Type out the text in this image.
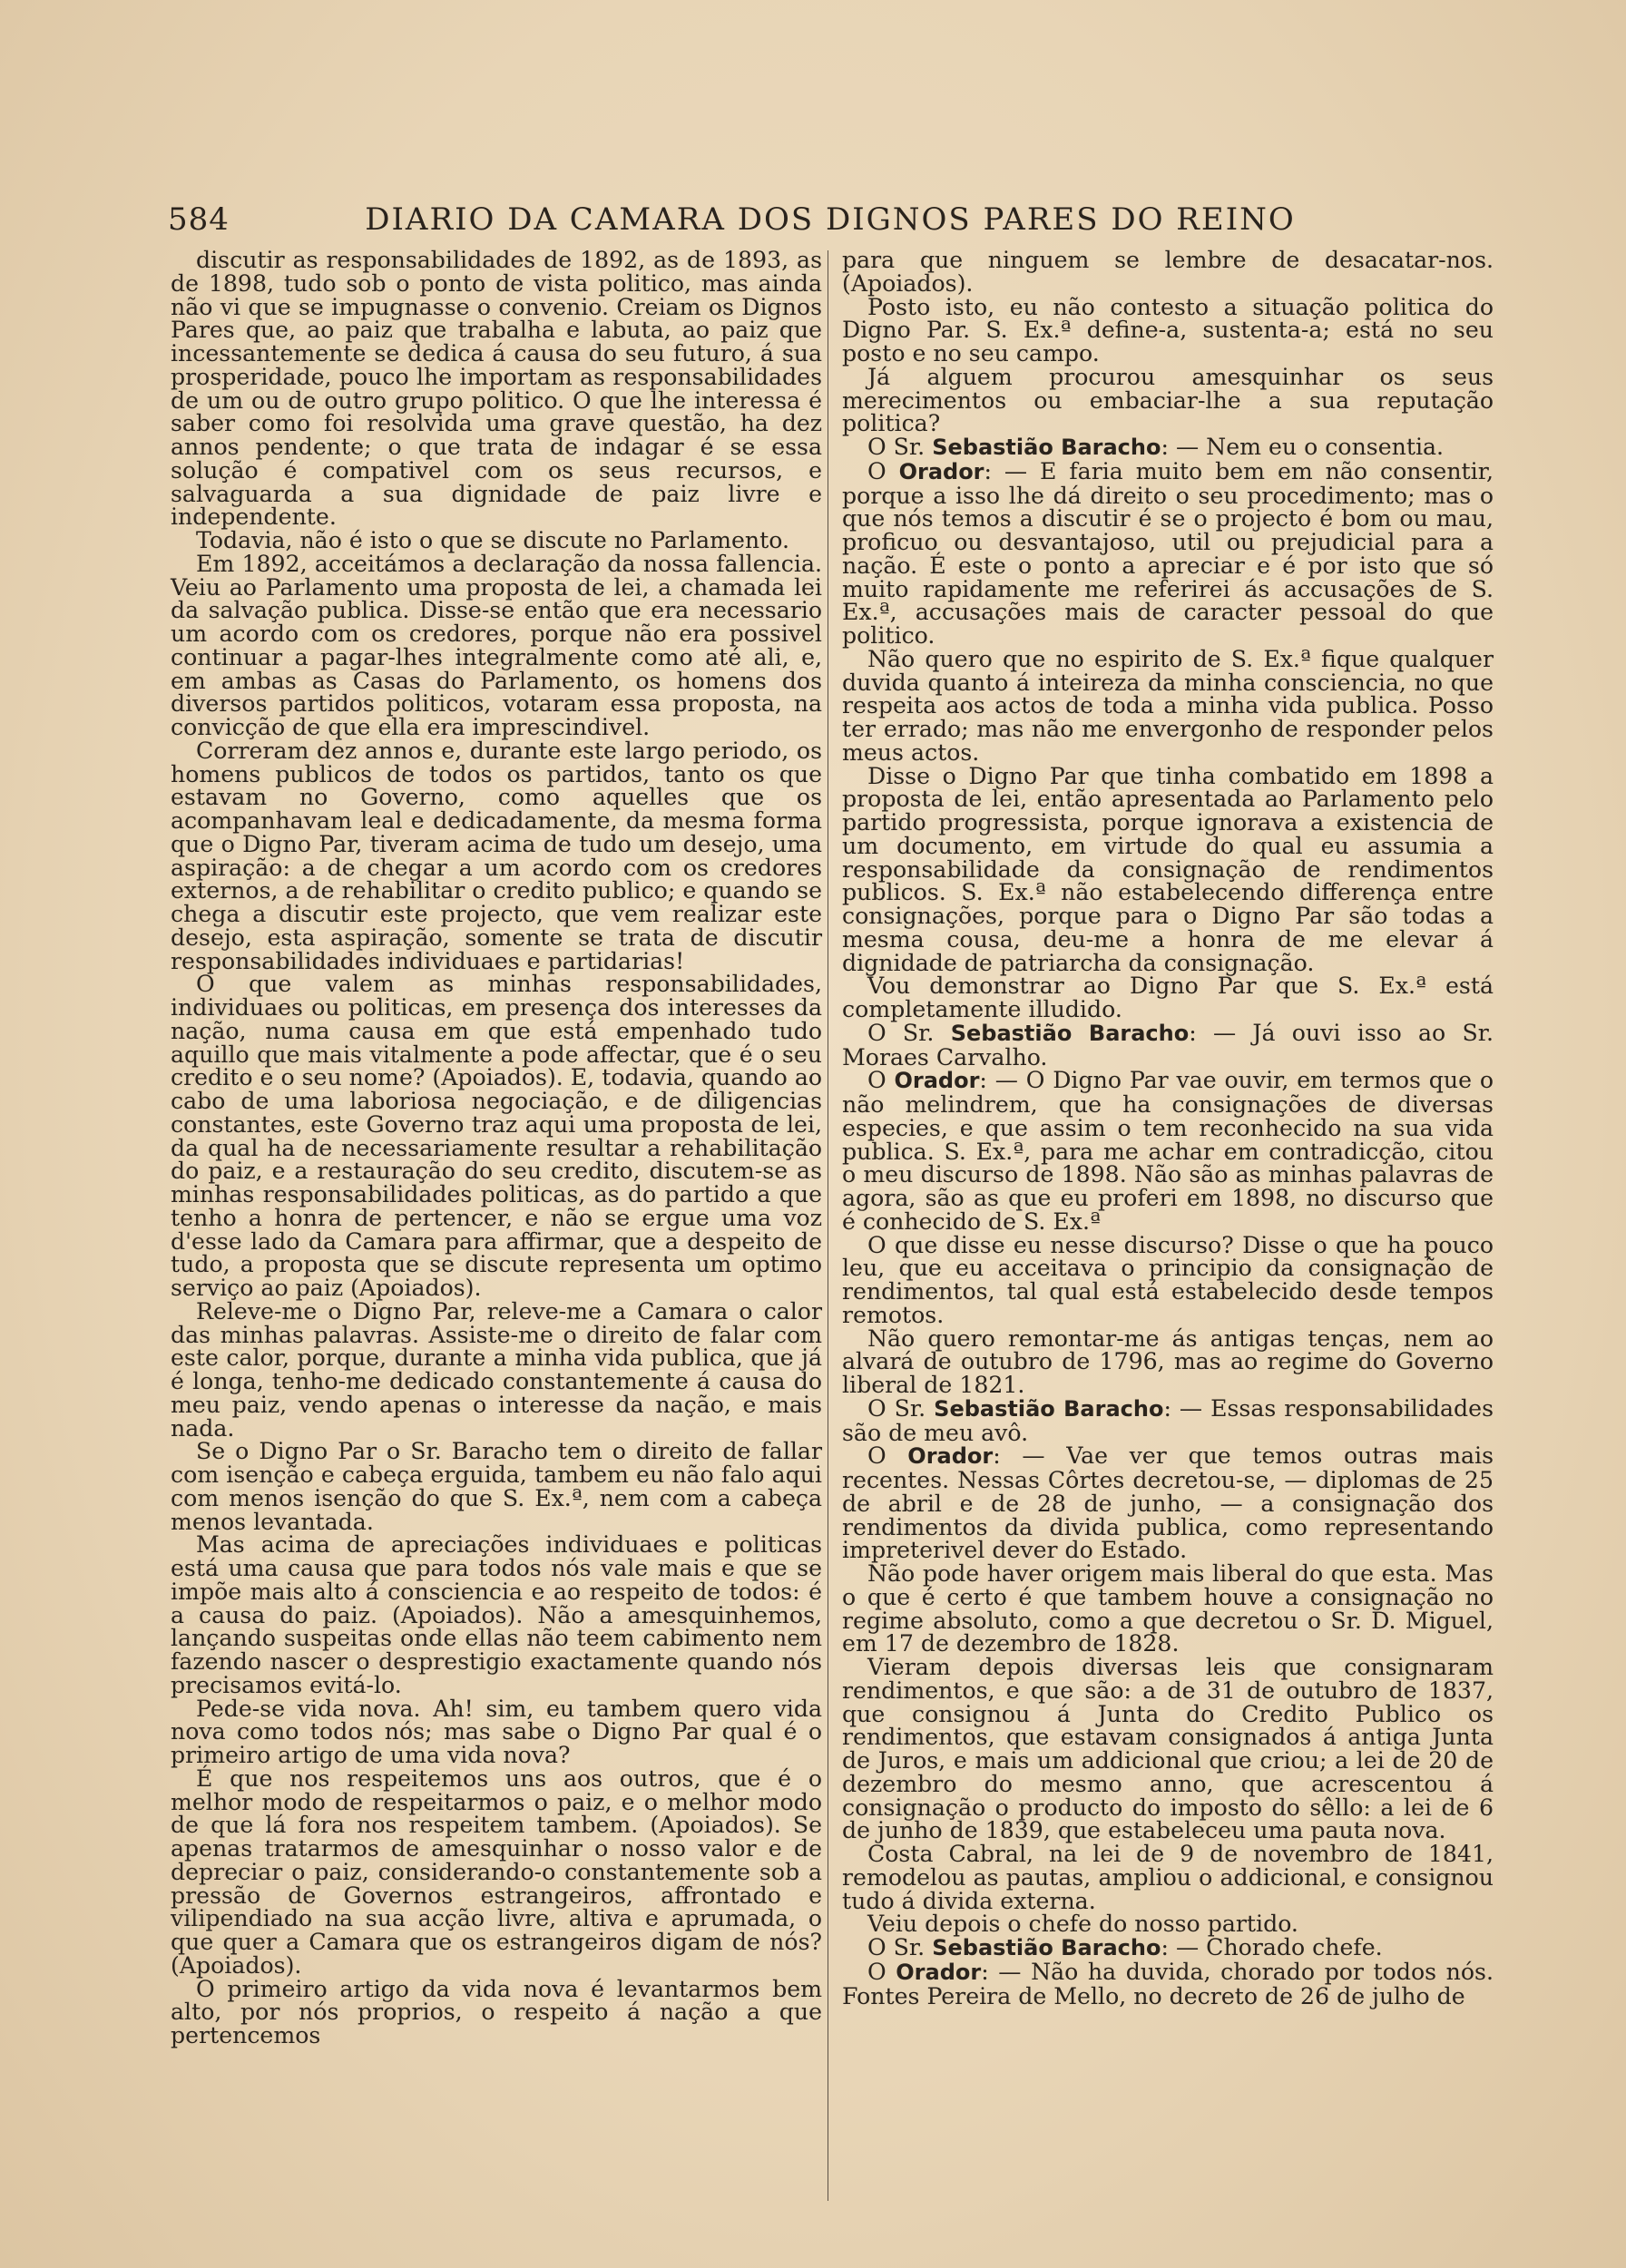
584	DIARIO DA CAMARA DOS DIGNOS PARES DO REINO

discutir as responsabilidades de 1892, as de 1893, as de 1898, tudo sob o ponto de vista politico, mas ainda não vi que se impugnasse o convenio. Creiam os Dignos Pares que, ao paiz que trabalha e labuta, ao paiz que incessantemente se dedica á causa do seu futuro, á sua prosperidade, pouco lhe importam as responsabilidades de um ou de outro grupo politico. O que lhe interessa é saber como foi resolvida uma grave questão, ha dez annos pendente; o que trata de indagar é se essa solução é compativel com os seus recursos, e salvaguarda a sua dignidade de paiz livre e independente.

Todavia, não é isto o que se discute no Parlamento.

Em 1892, acceitámos a declaração da nossa fallencia. Veiu ao Parlamento uma proposta de lei, a chamada lei da salvação publica. Disse-se então que era necessario um acordo com os credores, porque não era possivel continuar a pagar-lhes integralmente como até ali, e, em ambas as Casas do Parlamento, os homens dos diversos partidos politicos, votaram essa proposta, na convicção de que ella era imprescindivel.

Correram dez annos e, durante este largo periodo, os homens publicos de todos os partidos, tanto os que estavam no Governo, como aquelles que os acompanhavam leal e dedicadamente, da mesma forma que o Digno Par, tiveram acima de tudo um desejo, uma aspiração: a de chegar a um acordo com os credores externos, a de rehabilitar o credito publico; e quando se chega a discutir este projecto, que vem realizar este desejo, esta aspiração, somente se trata de discutir responsabilidades individuaes e partidarias!

O que valem as minhas responsabilidades, individuaes ou politicas, em presença dos interesses da nação, numa causa em que está empenhado tudo aquillo que mais vitalmente a pode affectar, que é o seu credito e o seu nome? (Apoiados). E, todavia, quando ao cabo de uma laboriosa negociação, e de diligencias constantes, este Governo traz aqui uma proposta de lei, da qual ha de necessariamente resultar a rehabilitação do paiz, e a restauração do seu credito, discutem-se as minhas responsabilidades politicas, as do partido a que tenho a honra de pertencer, e não se ergue uma voz d'esse lado da Camara para affirmar, que a despeito de tudo, a proposta que se discute representa um optimo serviço ao paiz (Apoiados).

Releve-me o Digno Par, releve-me a Camara o calor das minhas palavras. Assiste-me o direito de falar com este calor, porque, durante a minha vida publica, que já é longa, tenho-me dedicado constantemente á causa do meu paiz, vendo apenas o interesse da nação, e mais nada.

Se o Digno Par o Sr. Baracho tem o direito de fallar com isenção e cabeça erguida, tambem eu não falo aqui com menos isenção do que S. Ex.ª, nem com a cabeça menos levantada.

Mas acima de apreciações individuaes e politicas está uma causa que para todos nós vale mais e que se impõe mais alto á consciencia e ao respeito de todos: é a causa do paiz. (Apoiados). Não a amesquinhemos, lançando suspeitas onde ellas não teem cabimento nem fazendo nascer o desprestigio exactamente quando nós precisamos evitá-lo.

Pede-se vida nova. Ah! sim, eu tambem quero vida nova como todos nós; mas sabe o Digno Par qual é o primeiro artigo de uma vida nova?

É que nos respeitemos uns aos outros, que é o melhor modo de respeitarmos o paiz, e o melhor modo de que lá fora nos respeitem tambem. (Apoiados). Se apenas tratarmos de amesquinhar o nosso valor e de depreciar o paiz, considerando-o constantemente sob a pressão de Governos estrangeiros, affrontado e vilipendiado na sua acção livre, altiva e aprumada, o que quer a Camara que os estrangeiros digam de nós? (Apoiados).

O primeiro artigo da vida nova é levantarmos bem alto, por nós proprios, o respeito á nação a que pertencemos

para que ninguem se lembre de desacatar-nos. (Apoiados).

Posto isto, eu não contesto a situação politica do Digno Par. S. Ex.ª define-a, sustenta-a; está no seu posto e no seu campo.

Já alguem procurou amesquinhar os seus merecimentos ou embaciar-lhe a sua reputação politica?

O Sr. Sebastião Baracho: — Nem eu o consentia.

O Orador: — E faria muito bem em não consentir, porque a isso lhe dá direito o seu procedimento; mas o que nós temos a discutir é se o projecto é bom ou mau, proficuo ou desvantajoso, util ou prejudicial para a nação. É este o ponto a apreciar e é por isto que só muito rapidamente me referirei ás accusações de S. Ex.ª, accusações mais de caracter pessoal do que politico.

Não quero que no espirito de S. Ex.ª fique qualquer duvida quanto á inteireza da minha consciencia, no que respeita aos actos de toda a minha vida publica. Posso ter errado; mas não me envergonho de responder pelos meus actos.

Disse o Digno Par que tinha combatido em 1898 a proposta de lei, então apresentada ao Parlamento pelo partido progressista, porque ignorava a existencia de um documento, em virtude do qual eu assumia a responsabilidade da consignação de rendimentos publicos. S. Ex.ª não estabelecendo differença entre consignações, porque para o Digno Par são todas a mesma cousa, deu-me a honra de me elevar á dignidade de patriarcha da consignação.

Vou demonstrar ao Digno Par que S. Ex.ª está completamente illudido.

O Sr. Sebastião Baracho: — Já ouvi isso ao Sr. Moraes Carvalho.

O Orador: — O Digno Par vae ouvir, em termos que o não melindrem, que ha consignações de diversas especies, e que assim o tem reconhecido na sua vida publica. S. Ex.ª, para me achar em contradicção, citou o meu discurso de 1898. Não são as minhas palavras de agora, são as que eu proferi em 1898, no discurso que é conhecido de S. Ex.ª

O que disse eu nesse discurso? Disse o que ha pouco leu, que eu acceitava o principio da consignação de rendimentos, tal qual está estabelecido desde tempos remotos.

Não quero remontar-me ás antigas tenças, nem ao alvará de outubro de 1796, mas ao regime do Governo liberal de 1821.

O Sr. Sebastião Baracho: — Essas responsabilidades são de meu avô.

O Orador: — Vae ver que temos outras mais recentes. Nessas Côrtes decretou-se, — diplomas de 25 de abril e de 28 de junho, — a consignação dos rendimentos da divida publica, como representando impreterivel dever do Estado.

Não pode haver origem mais liberal do que esta. Mas o que é certo é que tambem houve a consignação no regime absoluto, como a que decretou o Sr. D. Miguel, em 17 de dezembro de 1828.

Vieram depois diversas leis que consignaram rendimentos, e que são: a de 31 de outubro de 1837, que consignou á Junta do Credito Publico os rendimentos, que estavam consignados á antiga Junta de Juros, e mais um addicional que criou; a lei de 20 de dezembro do mesmo anno, que acrescentou á consignação o producto do imposto do sêllo: a lei de 6 de junho de 1839, que estabeleceu uma pauta nova.

Costa Cabral, na lei de 9 de novembro de 1841, remodelou as pautas, ampliou o addicional, e consignou tudo á divida externa.

Veiu depois o chefe do nosso partido.

O Sr. Sebastião Baracho: — Chorado chefe.

O Orador: — Não ha duvida, chorado por todos nós. Fontes Pereira de Mello, no decreto de 26 de julho de
